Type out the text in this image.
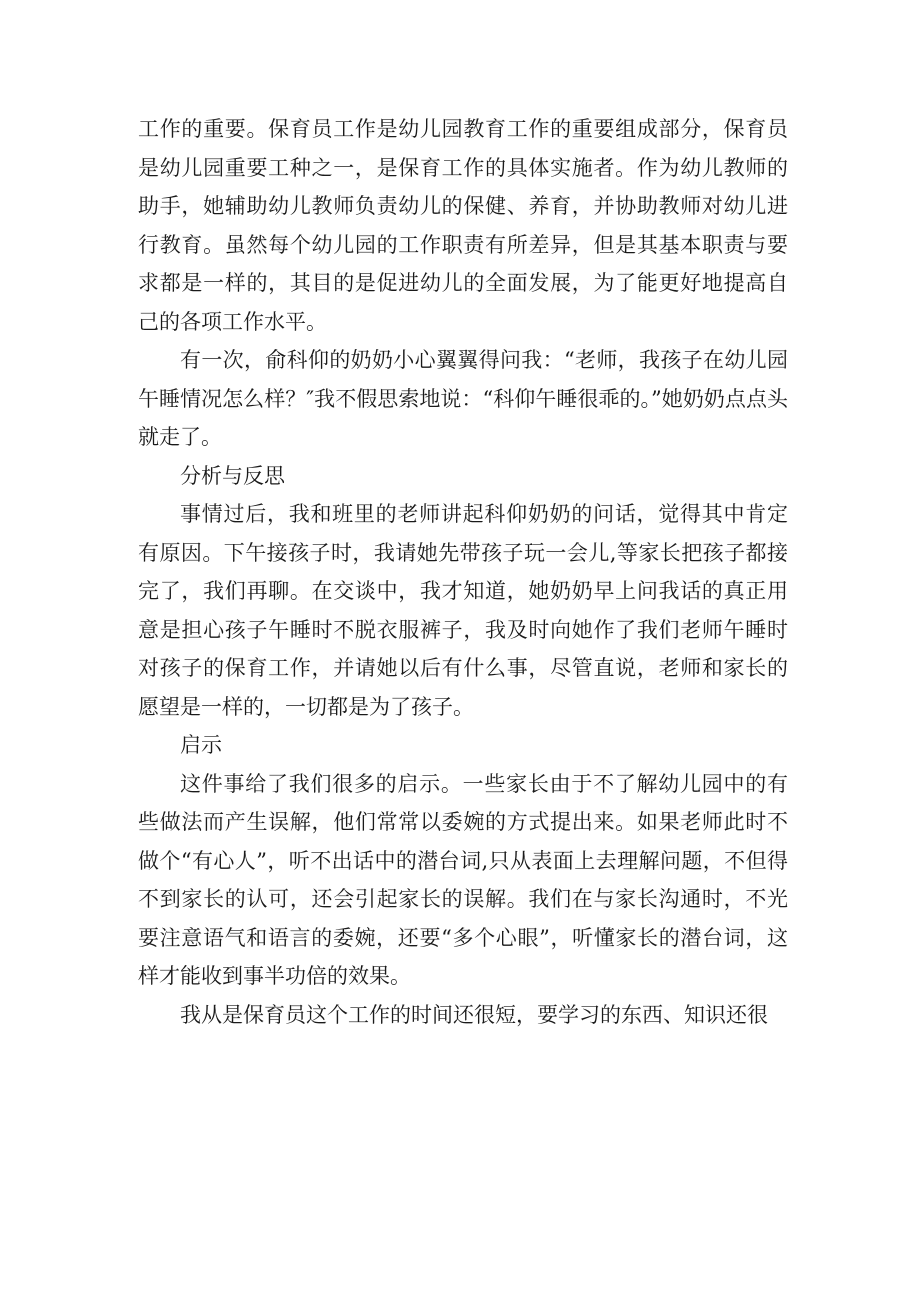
工作的重要。保育员工作是幼儿园教育工作的重要组成部分，保育员是幼儿园重要工种之一，是保育工作的具体实施者。作为幼儿教师的助手，她辅助幼儿教师负责幼儿的保健、养育，并协助教师对幼儿进行教育。虽然每个幼儿园的工作职责有所差异，但是其基本职责与要求都是一样的，其目的是促进幼儿的全面发展，为了能更好地提高自己的各项工作水平。

有一次，俞科仰的奶奶小心翼翼得问我：“老师，我孩子在幼儿园午睡情况怎么样？″我不假思索地说：“科仰午睡很乖的。”她奶奶点点头就走了。

分析与反思

事情过后，我和班里的老师讲起科仰奶奶的问话，觉得其中肯定有原因。下午接孩子时，我请她先带孩子玩一会儿,等家长把孩子都接完了，我们再聊。在交谈中，我才知道，她奶奶早上问我话的真正用意是担心孩子午睡时不脱衣服裤子，我及时向她作了我们老师午睡时对孩子的保育工作，并请她以后有什么事，尽管直说，老师和家长的愿望是一样的，一切都是为了孩子。

启示

这件事给了我们很多的启示。一些家长由于不了解幼儿园中的有些做法而产生误解，他们常常以委婉的方式提出来。如果老师此时不做个“有心人”，听不出话中的潜台词,只从表面上去理解问题，不但得不到家长的认可，还会引起家长的误解。我们在与家长沟通时，不光要注意语气和语言的委婉，还要“多个心眼”，听懂家长的潜台词，这样才能收到事半功倍的效果。

我从是保育员这个工作的时间还很短，要学习的东西、知识还很
